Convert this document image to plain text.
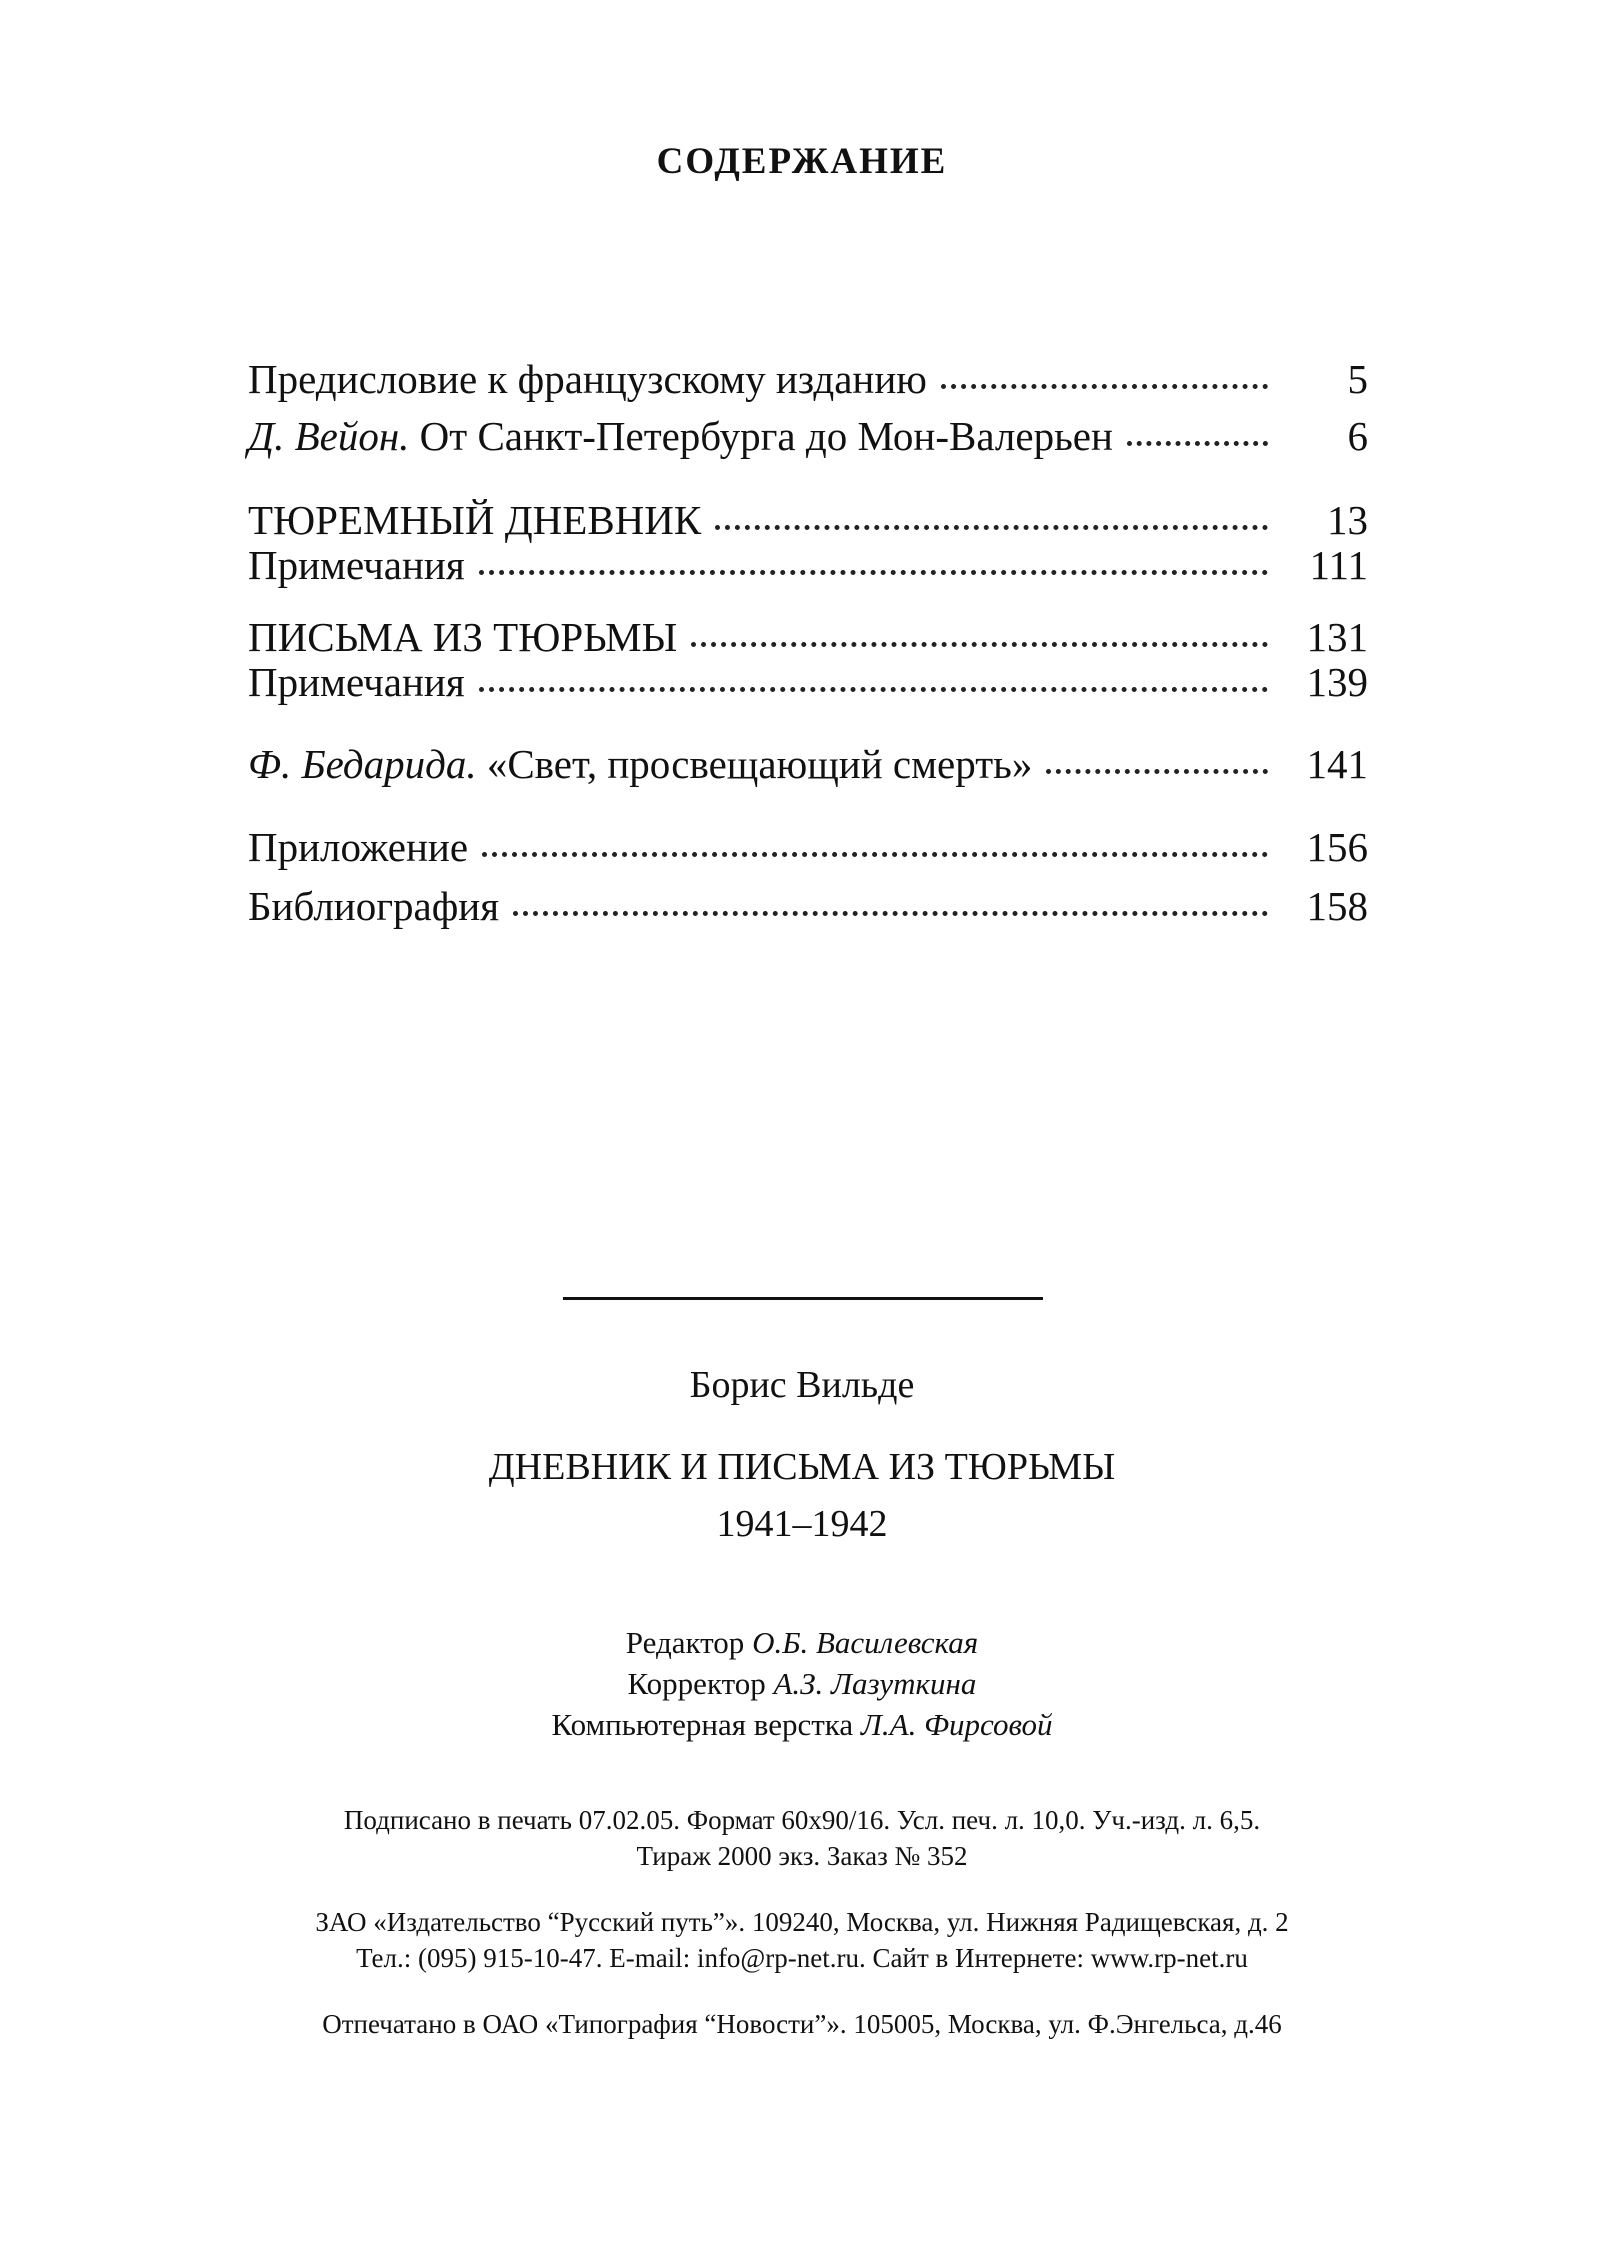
СОДЕРЖАНИЕ
Предисловие к французскому изданию	5
Д. Вейон. От Санкт-Петербурга до Мон-Валерьен	6
ТЮРЕМНЫЙ ДНЕВНИК	13
Примечания	111
ПИСЬМА ИЗ ТЮРЬМЫ	131
Примечания	139
Ф. Бедарида. «Свет, просвещающий смерть»	141
Приложение	156
Библиография	158
Борис Вильде
ДНЕВНИК И ПИСЬМА ИЗ ТЮРЬМЫ
1941–1942
Редактор О.Б. Василевская
Корректор А.З. Лазуткина
Компьютерная верстка Л.А. Фирсовой
Подписано в печать 07.02.05. Формат 60х90/16. Усл. печ. л. 10,0. Уч.-изд. л. 6,5.
Тираж 2000 экз. Заказ № 352
ЗАО «Издательство “Русский путь”». 109240, Москва, ул. Нижняя Радищевская, д. 2
Тел.: (095) 915-10-47. E-mail: info@rp-net.ru. Сайт в Интернете: www.rp-net.ru
Отпечатано в ОАО «Типография “Новости”». 105005, Москва, ул. Ф.Энгельса, д.46
